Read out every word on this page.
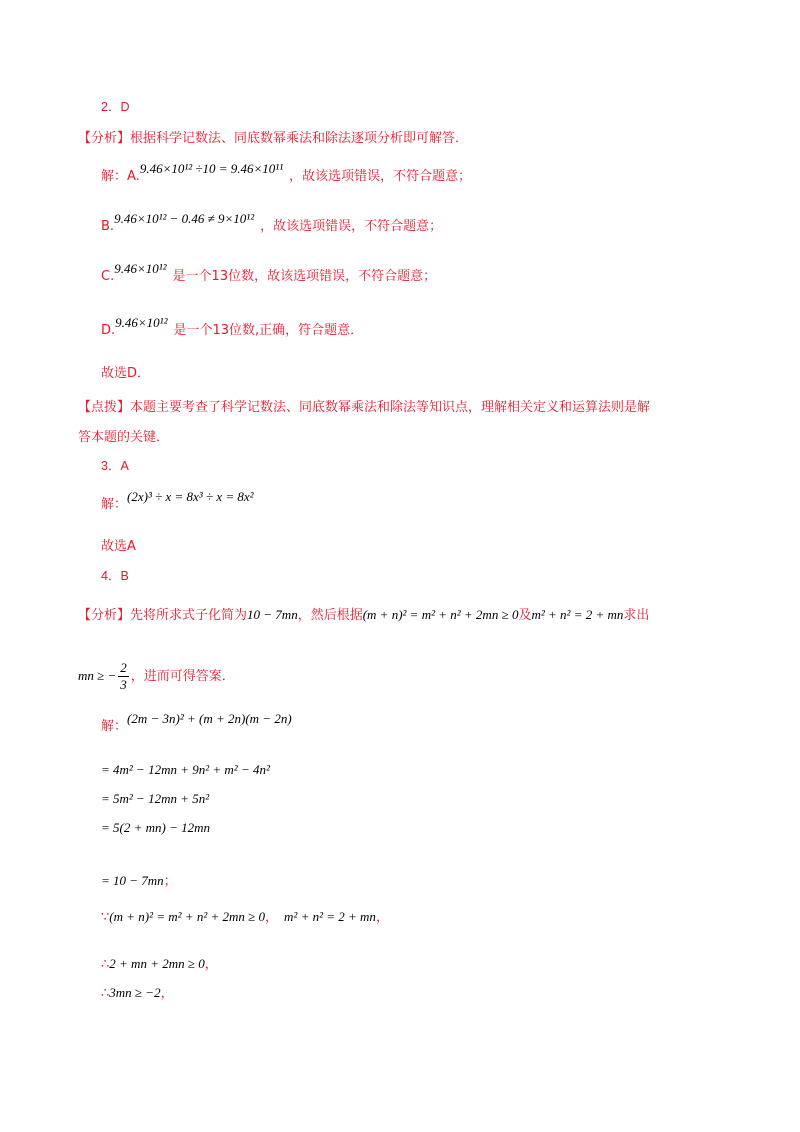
2．D
【分析】根据科学记数法、同底数幂乘法和除法逐项分析即可解答．
解：A.9.46×10¹² ÷10 = 9.46×10¹¹，故该选项错误，不符合题意；
B.9.46×10¹² − 0.46 ≠ 9×10¹²，故该选项错误，不符合题意；
C.9.46×10¹²是一个13位数，故该选项错误，不符合题意；
D.9.46×10¹²是一个13位数,正确，符合题意．
故选D．
【点拨】本题主要考查了科学记数法、同底数幂乘法和除法等知识点，理解相关定义和运算法则是解
答本题的关键．
3．A
解：(2x)³ ÷ x = 8x³ ÷ x = 8x²
故选A
4．B
【分析】先将所求式子化简为10 − 7mn，然后根据(m + n)² = m² + n² + 2mn ≥ 0及m² + n² = 2 + mn求出
mn ≥ − $\frac{2}{3}$ ，进而可得答案．
解：(2m − 3n)² + (m + 2n)(m − 2n)
= 4m² − 12mn + 9n² + m² − 4n²
= 5m² − 12mn + 5n²
= 5(2 + mn) − 12mn
= 10 − 7mn；
∵(m + n)² = m² + n² + 2mn ≥ 0， m² + n² = 2 + mn，
∴2 + mn + 2mn ≥ 0，
∴3mn ≥ −2，
